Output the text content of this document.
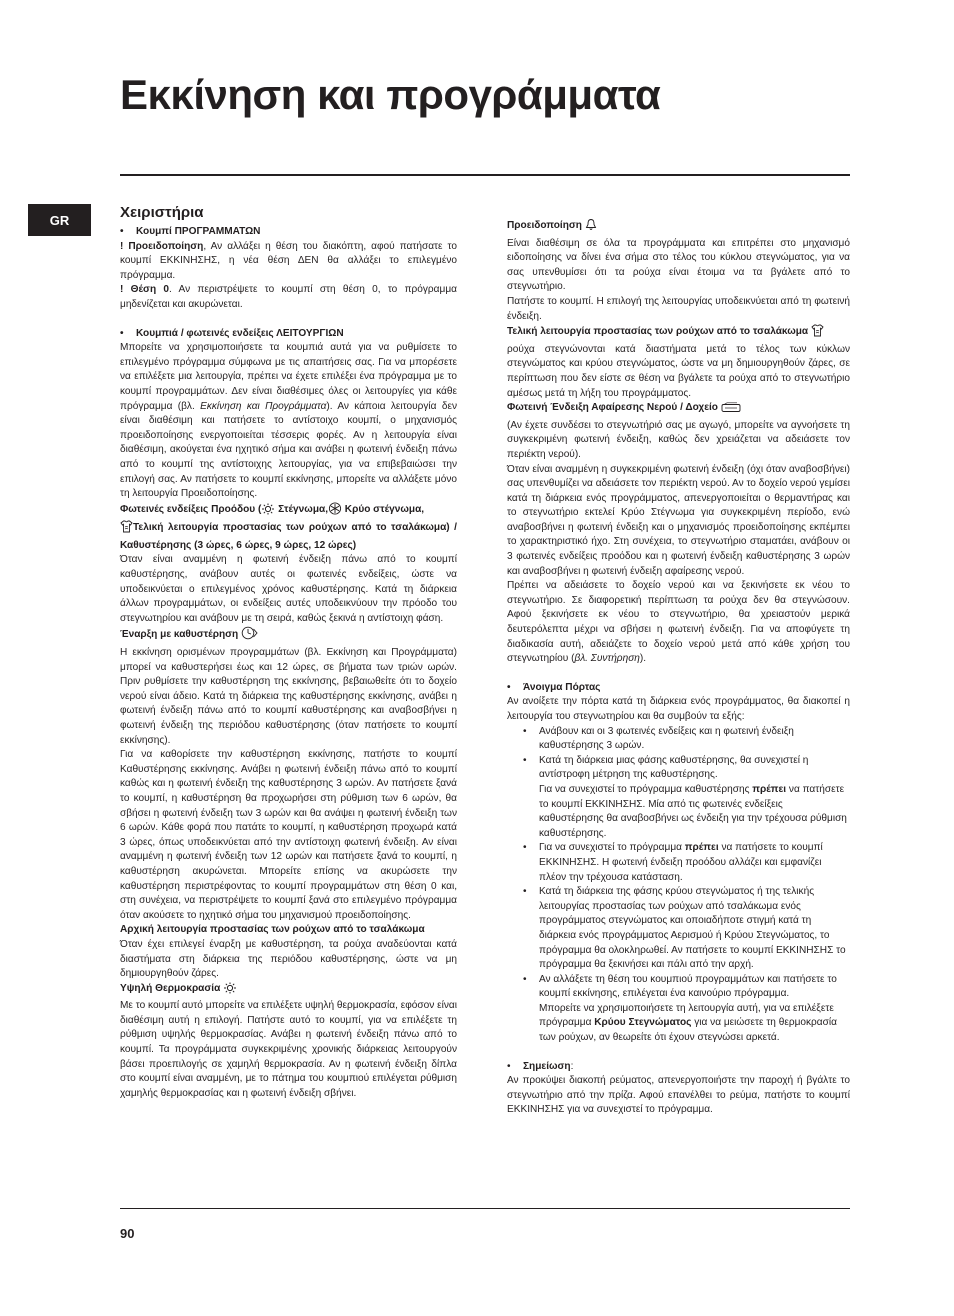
Εκκίνηση και προγράμματα
GR	Χειριστήρια
•	Κουμπί ΠΡΟΓΡΑΜΜΑΤΩΝ

! Προειδοποίηση, Αν αλλάξει η θέση του διακόπτη, αφού πατήσατε το κουμπί ΕΚΚΙΝΗΣΗΣ, η νέα θέση ΔΕΝ θα αλλάξει το επιλεγμένο πρόγραμμα.

! Θέση 0. Αν περιστρέψετε το κουμπί στη θέση 0, το πρόγραμμα μηδενίζεται και ακυρώνεται.

•	Κουμπιά / φωτεινές ενδείξεις ΛΕΙΤΟΥΡΓΙΩΝ

Μπορείτε να χρησιμοποιήσετε τα κουμπιά αυτά για να ρυθμίσετε το επιλεγμένο πρόγραμμα σύμφωνα με τις απαιτήσεις σας. Για να μπορέσετε να επιλέξετε μια λειτουργία, πρέπει να έχετε επιλέξει ένα πρόγραμμα με το κουμπί προγραμμάτων. Δεν είναι διαθέσιμες όλες οι λειτουργίες για κάθε πρόγραμμα (βλ. Εκκίνηση και Προγράμματα). Αν κάποια λειτουργία δεν είναι διαθέσιμη και πατήσετε το αντίστοιχο κουμπί, ο μηχανισμός προειδοποίησης ενεργοποιείται τέσσερις φορές. Αν η λειτουργία είναι διαθέσιμη, ακούγεται ένα ηχητικό σήμα και ανάβει η φωτεινή ένδειξη πάνω από το κουμπί της αντίστοιχης λειτουργίας, για να επιβεβαιώσει την επιλογή σας. Αν πατήσετε το κουμπί εκκίνησης, μπορείτε να αλλάξετε μόνο τη λειτουργία Προειδοποίησης.

Φωτεινές ενδείξεις Προόδου ( Στέγνωμα, Κρύο στέγνωμα,
Τελική λειτουργία προστασίας των ρούχων από το τσαλάκωμα) / Καθυστέρησης (3 ώρες, 6 ώρες, 9 ώρες, 12 ώρες)

Όταν είναι αναμμένη η φωτεινή ένδειξη πάνω από το κουμπί καθυστέρησης, ανάβουν αυτές οι φωτεινές ενδείξεις, ώστε να υποδεικνύεται ο επιλεγμένος χρόνος καθυστέρησης. Κατά τη διάρκεια άλλων προγραμμάτων, οι ενδείξεις αυτές υποδεικνύουν την πρόοδο του στεγνωτηρίου και ανάβουν με τη σειρά, καθώς ξεκινά η αντίστοιχη φάση.

Έναρξη με καθυστέρηση

Η εκκίνηση ορισμένων προγραμμάτων (βλ. Εκκίνηση και Προγράμματα) μπορεί να καθυστερήσει έως και 12 ώρες, σε βήματα των τριών ωρών. Πριν ρυθμίσετε την καθυστέρηση της εκκίνησης, βεβαιωθείτε ότι το δοχείο νερού είναι άδειο. Κατά τη διάρκεια της καθυστέρησης εκκίνησης, ανάβει η φωτεινή ένδειξη πάνω από το κουμπί καθυστέρησης και αναβοσβήνει η φωτεινή ένδειξη της περιόδου καθυστέρησης (όταν πατήσετε το κουμπί εκκίνησης).

Για να καθορίσετε την καθυστέρηση εκκίνησης, πατήστε το κουμπί Καθυστέρησης εκκίνησης. Ανάβει η φωτεινή ένδειξη πάνω από το κουμπί καθώς και η φωτεινή ένδειξη της καθυστέρησης 3 ωρών. Αν πατήσετε ξανά το κουμπί, η καθυστέρηση θα προχωρήσει στη ρύθμιση των 6 ωρών, θα σβήσει η φωτεινή ένδειξη των 3 ωρών και θα ανάψει η φωτεινή ένδειξη των 6 ωρών. Κάθε φορά που πατάτε το κουμπί, η καθυστέρηση προχωρά κατά 3 ώρες, όπως υποδεικνύεται από την αντίστοιχη φωτεινή ένδειξη. Αν είναι αναμμένη η φωτεινή ένδειξη των 12 ωρών και πατήσετε ξανά το κουμπί, η καθυστέρηση ακυρώνεται. Μπορείτε επίσης να ακυρώσετε την καθυστέρηση περιστρέφοντας το κουμπί προγραμμάτων στη θέση 0 και, στη συνέχεια, να περιστρέψετε το κουμπί ξανά στο επιλεγμένο πρόγραμμα όταν ακούσετε το ηχητικό σήμα του μηχανισμού προειδοποίησης.

Αρχική λειτουργία προστασίας των ρούχων από το τσαλάκωμα

Όταν έχει επιλεγεί έναρξη με καθυστέρηση, τα ρούχα αναδεύονται κατά διαστήματα στη διάρκεια της περιόδου καθυστέρησης, ώστε να μη δημιουργηθούν ζάρες.

Υψηλή Θερμοκρασία

Με το κουμπί αυτό μπορείτε να επιλέξετε υψηλή θερμοκρασία, εφόσον είναι διαθέσιμη αυτή η επιλογή. Πατήστε αυτό το κουμπί, για να επιλέξετε τη ρύθμιση υψηλής θερμοκρασίας. Ανάβει η φωτεινή ένδειξη πάνω από το κουμπί. Τα προγράμματα συγκεκριμένης χρονικής διάρκειας λειτουργούν βάσει προεπιλογής σε χαμηλή θερμοκρασία. Αν η φωτεινή ένδειξη δίπλα στο κουμπί είναι αναμμένη, με το πάτημα του κουμπιού επιλέγεται ρύθμιση χαμηλής θερμοκρασίας και η φωτεινή ένδειξη σβήνει.

Προειδοποίηση

Είναι διαθέσιμη σε όλα τα προγράμματα και επιτρέπει στο μηχανισμό ειδοποίησης να δίνει ένα σήμα στο τέλος του κύκλου στεγνώματος, για να σας υπενθυμίσει ότι τα ρούχα είναι έτοιμα να τα βγάλετε από το στεγνωτήριο.

Πατήστε το κουμπί. Η επιλογή της λειτουργίας υποδεικνύεται από τη φωτεινή ένδειξη.

Τελική λειτουργία προστασίας των ρούχων από το τσαλάκωμα

ρούχα στεγνώνονται κατά διαστήματα μετά το τέλος των κύκλων στεγνώματος και κρύου στεγνώματος, ώστε να μη δημιουργηθούν ζάρες, σε περίπτωση που δεν είστε σε θέση να βγάλετε τα ρούχα από το στεγνωτήριο αμέσως μετά τη λήξη του προγράμματος.

Φωτεινή Ένδειξη Αφαίρεσης Νερού / Δοχείο

(Αν έχετε συνδέσει το στεγνωτήριό σας με αγωγό, μπορείτε να αγνοήσετε τη συγκεκριμένη φωτεινή ένδειξη, καθώς δεν χρειάζεται να αδειάσετε τον περιέκτη νερού).

Όταν είναι αναμμένη η συγκεκριμένη φωτεινή ένδειξη (όχι όταν αναβοσβήνει) σας υπενθυμίζει να αδειάσετε τον περιέκτη νερού. Αν το δοχείο νερού γεμίσει κατά τη διάρκεια ενός προγράμματος, απενεργοποιείται ο θερμαντήρας και το στεγνωτήριο εκτελεί Κρύο Στέγνωμα για συγκεκριμένη περίοδο, ενώ αναβοσβήνει η φωτεινή ένδειξη και ο μηχανισμός προειδοποίησης εκπέμπει το χαρακτηριστικό ήχο. Στη συνέχεια, το στεγνωτήριο σταματάει, ανάβουν οι 3 φωτεινές ενδείξεις προόδου και η φωτεινή ένδειξη καθυστέρησης 3 ωρών και αναβοσβήνει η φωτεινή ένδειξη αφαίρεσης νερού.

Πρέπει να αδειάσετε το δοχείο νερού και να ξεκινήσετε εκ νέου το στεγνωτήριο. Σε διαφορετική περίπτωση τα ρούχα δεν θα στεγνώσουν. Αφού ξεκινήσετε εκ νέου το στεγνωτήριο, θα χρειαστούν μερικά δευτερόλεπτα μέχρι να σβήσει η φωτεινή ένδειξη. Για να αποφύγετε τη διαδικασία αυτή, αδειάζετε το δοχείο νερού μετά από κάθε χρήση του στεγνωτηρίου (βλ. Συντήρηση).

•	Άνοιγμα Πόρτας

Αν ανοίξετε την πόρτα κατά τη διάρκεια ενός προγράμματος, θα διακοπεί η λειτουργία του στεγνωτηρίου και θα συμβούν τα εξής:

•	Ανάβουν και οι 3 φωτεινές ενδείξεις και η φωτεινή ένδειξη καθυστέρησης 3 ωρών.
•	Κατά τη διάρκεια μιας φάσης καθυστέρησης, θα συνεχιστεί η αντίστροφη μέτρηση της καθυστέρησης.
Για να συνεχιστεί το πρόγραμμα καθυστέρησης πρέπει να πατήσετε το κουμπί ΕΚΚΙΝΗΣΗΣ. Μία από τις φωτεινές ενδείξεις καθυστέρησης θα αναβοσβήνει ως ένδειξη για την τρέχουσα ρύθμιση καθυστέρησης.
•	Για να συνεχιστεί το πρόγραμμα πρέπει να πατήσετε το κουμπί ΕΚΚΙΝΗΣΗΣ. Η φωτεινή ένδειξη προόδου αλλάζει και εμφανίζει πλέον την τρέχουσα κατάσταση.
•	Κατά τη διάρκεια της φάσης κρύου στεγνώματος ή της τελικής λειτουργίας προστασίας των ρούχων από τσαλάκωμα ενός προγράμματος στεγνώματος και οποιαδήποτε στιγμή κατά τη διάρκεια ενός προγράμματος Αερισμού ή Κρύου Στεγνώματος, το πρόγραμμα θα ολοκληρωθεί. Αν πατήσετε το κουμπί ΕΚΚΙΝΗΣΗΣ το πρόγραμμα θα ξεκινήσει και πάλι από την αρχή.
•	Αν αλλάξετε τη θέση του κουμπιού προγραμμάτων και πατήσετε το κουμπί εκκίνησης, επιλέγεται ένα καινούριο πρόγραμμα.
Μπορείτε να χρησιμοποιήσετε τη λειτουργία αυτή, για να επιλέξετε πρόγραμμα Κρύου Στεγνώματος για να μειώσετε τη θερμοκρασία των ρούχων, αν θεωρείτε ότι έχουν στεγνώσει αρκετά.
•	Σημείωση:

Αν προκύψει διακοπή ρεύματος, απενεργοποιήστε την παροχή ή βγάλτε το στεγνωτήριο από την πρίζα. Αφού επανέλθει το ρεύμα, πατήστε το κουμπί ΕΚΚΙΝΗΣΗΣ για να συνεχιστεί το πρόγραμμα.

90
